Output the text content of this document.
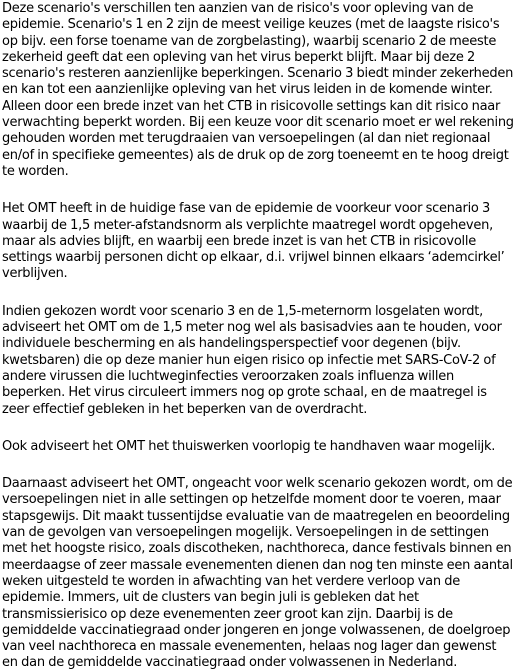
Deze scenario's verschillen ten aanzien van de risico's voor opleving van de epidemie. Scenario's 1 en 2 zijn de meest veilige keuzes (met de laagste risico's op bijv. een forse toename van de zorgbelasting), waarbij scenario 2 de meeste zekerheid geeft dat een opleving van het virus beperkt blijft. Maar bij deze 2 scenario's resteren aanzienlijke beperkingen. Scenario 3 biedt minder zekerheden en kan tot een aanzienlijke opleving van het virus leiden in de komende winter. Alleen door een brede inzet van het CTB in risicovolle settings kan dit risico naar verwachting beperkt worden. Bij een keuze voor dit scenario moet er wel rekening gehouden worden met terugdraaien van versoepelingen (al dan niet regionaal en/of in specifieke gemeentes) als de druk op de zorg toeneemt en te hoog dreigt te worden.

Het OMT heeft in de huidige fase van de epidemie de voorkeur voor scenario 3 waarbij de 1,5 meter-afstandsnorm als verplichte maatregel wordt opgeheven, maar als advies blijft, en waarbij een brede inzet is van het CTB in risicovolle settings waarbij personen dicht op elkaar, d.i. vrijwel binnen elkaars ‘ademcirkel’ verblijven.

Indien gekozen wordt voor scenario 3 en de 1,5-meternorm losgelaten wordt, adviseert het OMT om de 1,5 meter nog wel als basisadvies aan te houden, voor individuele bescherming en als handelingsperspectief voor degenen (bijv. kwetsbaren) die op deze manier hun eigen risico op infectie met SARS-CoV-2 of andere virussen die luchtweginfecties veroorzaken zoals influenza willen beperken. Het virus circuleert immers nog op grote schaal, en de maatregel is zeer effectief gebleken in het beperken van de overdracht.

Ook adviseert het OMT het thuiswerken voorlopig te handhaven waar mogelijk.

Daarnaast adviseert het OMT, ongeacht voor welk scenario gekozen wordt, om de versoepelingen niet in alle settingen op hetzelfde moment door te voeren, maar stapsgewijs. Dit maakt tussentijdse evaluatie van de maatregelen en beoordeling van de gevolgen van versoepelingen mogelijk. Versoepelingen in de settingen met het hoogste risico, zoals discotheken, nachthoreca, dance festivals binnen en meerdaagse of zeer massale evenementen dienen dan nog ten minste een aantal weken uitgesteld te worden in afwachting van het verdere verloop van de epidemie. Immers, uit de clusters van begin juli is gebleken dat het transmissierisico op deze evenementen zeer groot kan zijn. Daarbij is de gemiddelde vaccinatiegraad onder jongeren en jonge volwassenen, de doelgroep van veel nachthoreca en massale evenementen, helaas nog lager dan gewenst en dan de gemiddelde vaccinatiegraad onder volwassenen in Nederland.
